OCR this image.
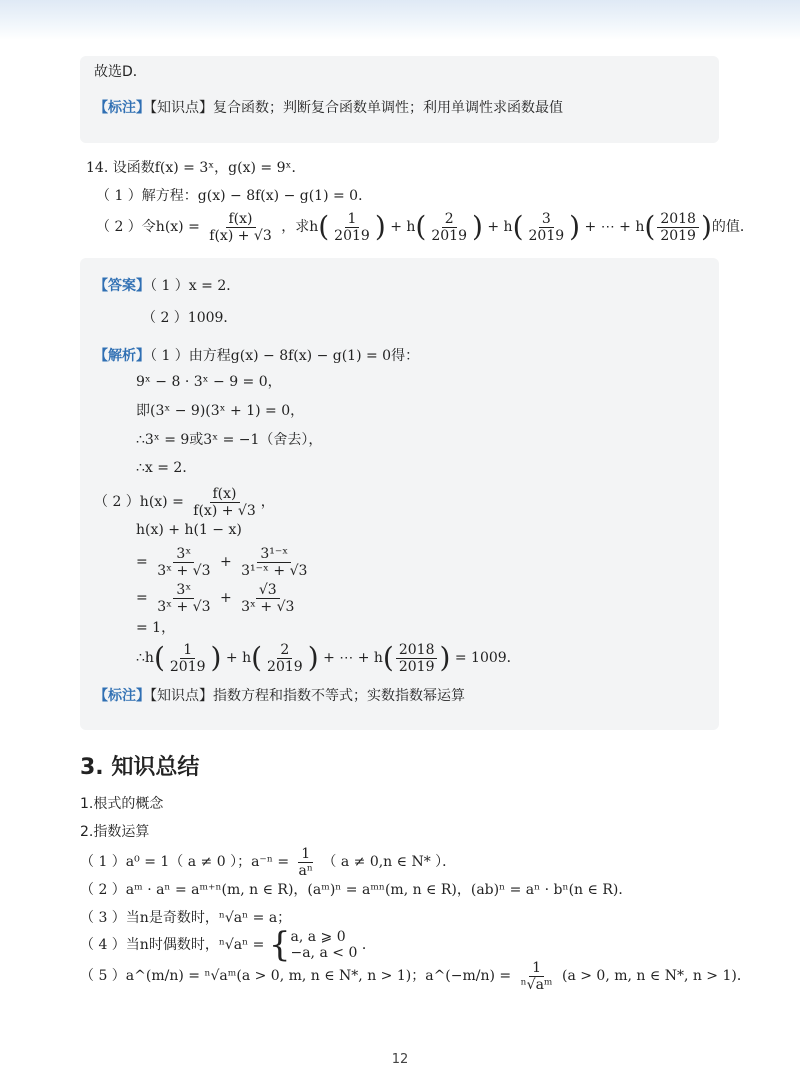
故选D．
【标注】【知识点】复合函数；判断复合函数单调性；利用单调性求函数最值
14. 设函数f(x) = 3ˣ，g(x) = 9ˣ．
（ 1 ）解方程：g(x) − 8f(x) − g(1) = 0．
（ 2 ）令$h(x) = \frac{f(x)}{f(x) + √3}$ ，求$h( \frac{1}{2019}$ ) + $h( \frac{2}{2019}$ ) + $h( \frac{3}{2019}$ ) + ⋯ + $h( \frac{2018}{2019}$ )的值．
【答案】（ 1 ）x = 2．
（ 2 ）1009．
【解析】（ 1 ）由方程g(x) − 8f(x) − g(1) = 0得：
9ˣ − 8 · 3ˣ − 9 = 0，
即(3ˣ − 9)(3ˣ + 1) = 0，
∴3ˣ = 9或3ˣ = −1（舍去），
∴x = 2．
（ 2 ）$h(x) = \frac{f(x)}{f(x) + √3}$ ，
h(x) + h(1 − x)
= $\frac{\text{3ˣ}}{\text{3ˣ + √3}} + \frac{\text{3¹⁻ˣ}}{\text{3¹⁻ˣ + √3}}$
= $\frac{\text{3ˣ}}{\text{3ˣ + √3}} + \frac{√3}{\text{3ˣ + √3}}$
= 1，
∴h( $\frac{1}{2019}$ ) + $h( \frac{2}{2019}$ ) + ⋯ + $h( \frac{2018}{2019}$ ) = 1009．
【标注】【知识点】指数方程和指数不等式；实数指数幂运算
3. 知识总结
1.根式的概念
2.指数运算
（ 1 ）a⁰ = 1（ a ≠ 0 ）；$a^{-n} = \frac{1}{\text{aⁿ}}$ （ a ≠ 0,n ∈ N* ）．
（ 2 ）aᵐ · aⁿ = aᵐ⁺ⁿ(m, n ∈ R)，(aᵐ)ⁿ = aᵐⁿ(m, n ∈ R)，(ab)ⁿ = aⁿ · bⁿ(n ∈ R)．
（ 3 ）当n是奇数时，ⁿ√aⁿ = a；
（ 4 ）当n时偶数时，ⁿ√aⁿ = { a, a ⩾ 0
−a, a < 0 ．
（ 5 ）a^(m/n) = ⁿ√aᵐ(a > 0, m, n ∈ N*, n > 1)；a^(−m/n) = $\frac{1}{\text{ⁿ√aᵐ}} (a > 0$, m, n ∈ N*, n > 1)．
12
